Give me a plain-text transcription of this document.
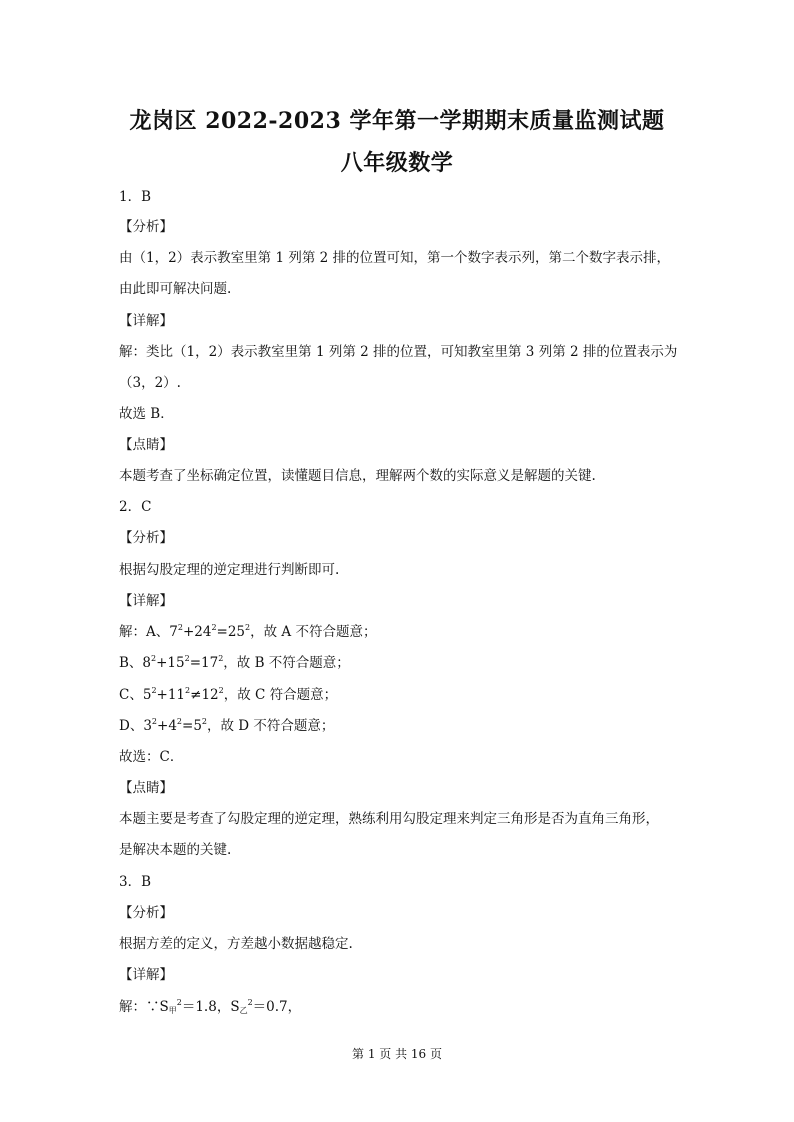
龙岗区 2022-2023 学年第一学期期末质量监测试题
八年级数学
1．B
【分析】
由（1，2）表示教室里第 1 列第 2 排的位置可知，第一个数字表示列，第二个数字表示排，
由此即可解决问题.
【详解】
解：类比（1，2）表示教室里第 1 列第 2 排的位置，可知教室里第 3 列第 2 排的位置表示为
（3，2）.
故选 B．
【点睛】
本题考查了坐标确定位置，读懂题目信息，理解两个数的实际意义是解题的关键.
2．C
【分析】
根据勾股定理的逆定理进行判断即可.
【详解】
解：A、$7^2+24^2=25^2$，故 A 不符合题意；
B、$8^2+15^2=17^2$，故 B 不符合题意；
C、$5^2+11^2\ne 12^2$，故 C 符合题意；
D、$3^2+4^2=5^2$，故 D 不符合题意；
故选：C．
【点睛】
本题主要是考查了勾股定理的逆定理，熟练利用勾股定理来判定三角形是否为直角三角形，
是解决本题的关键.
3．B
【分析】
根据方差的定义，方差越小数据越稳定.
【详解】
解：$\because S_甲^2=1.8$，$S_乙^2=0.7$，
第 1 页 共 16 页
